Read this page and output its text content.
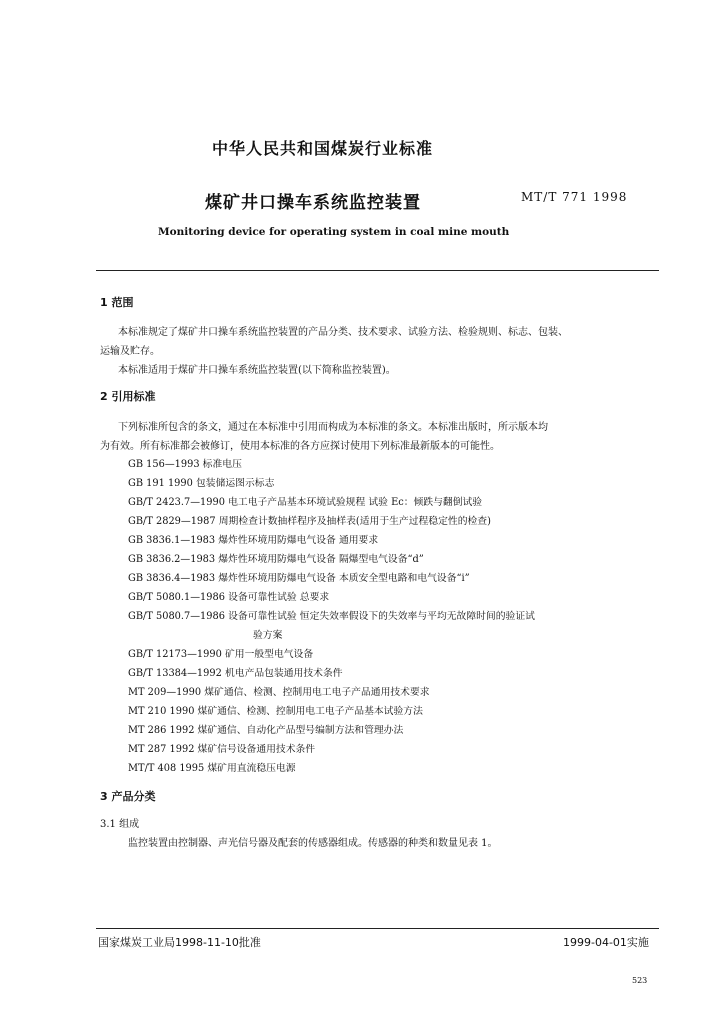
中华人民共和国煤炭行业标准
煤矿井口操车系统监控装置	MT/T 771 1998
Monitoring device for operating system in coal mine mouth
1 范围
本标准规定了煤矿井口操车系统监控装置的产品分类、技术要求、试验方法、检验规则、标志、包装、
运输及贮存。
本标准适用于煤矿井口操车系统监控装置(以下简称监控装置)。
2 引用标准
下列标准所包含的条文，通过在本标准中引用而构成为本标准的条文。本标准出版时，所示版本均
为有效。所有标准都会被修订，使用本标准的各方应探讨使用下列标准最新版本的可能性。
GB 156—1993 标准电压
GB 191 1990 包装储运图示标志
GB/T 2423.7—1990 电工电子产品基本环境试验规程 试验 Ec：倾跌与翻倒试验
GB/T 2829—1987 周期检查计数抽样程序及抽样表(适用于生产过程稳定性的检查)
GB 3836.1—1983 爆炸性环境用防爆电气设备 通用要求
GB 3836.2—1983 爆炸性环境用防爆电气设备 隔爆型电气设备“d”
GB 3836.4—1983 爆炸性环境用防爆电气设备 本质安全型电路和电气设备“i”
GB/T 5080.1—1986 设备可靠性试验 总要求
GB/T 5080.7—1986 设备可靠性试验 恒定失效率假设下的失效率与平均无故障时间的验证试
验方案
GB/T 12173—1990 矿用一般型电气设备
GB/T 13384—1992 机电产品包装通用技术条件
MT 209—1990 煤矿通信、检测、控制用电工电子产品通用技术要求
MT 210 1990 煤矿通信、检测、控制用电工电子产品基本试验方法
MT 286 1992 煤矿通信、自动化产品型号编制方法和管理办法
MT 287 1992 煤矿信号设备通用技术条件
MT/T 408 1995 煤矿用直流稳压电源
3 产品分类
3.1 组成
监控装置由控制器、声光信号器及配套的传感器组成。传感器的种类和数量见表 1。
国家煤炭工业局1998-11-10批准	1999-04-01实施
523
